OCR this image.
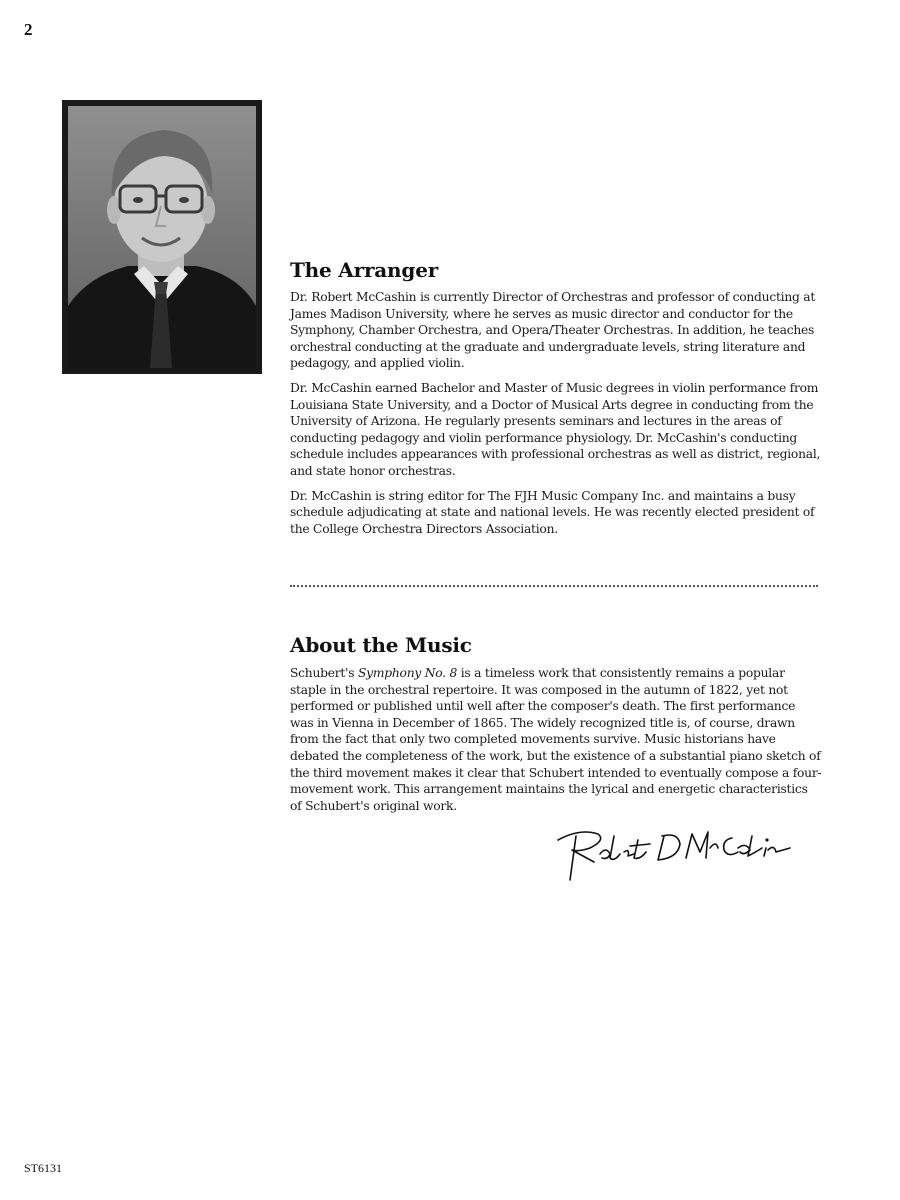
2
The Arranger

Dr. Robert McCashin is currently Director of Orchestras and professor of conducting at James Madison University, where he serves as music director and conductor for the Symphony, Chamber Orchestra, and Opera/Theater Orchestras. In addition, he teaches orchestral conducting at the graduate and undergraduate levels, string literature and pedagogy, and applied violin.

Dr. McCashin earned Bachelor and Master of Music degrees in violin performance from Louisiana State University, and a Doctor of Musical Arts degree in conducting from the University of Arizona. He regularly presents seminars and lectures in the areas of conducting pedagogy and violin performance physiology. Dr. McCashin's conducting schedule includes appearances with professional orchestras as well as district, regional, and state honor orchestras.

Dr. McCashin is string editor for The FJH Music Company Inc. and maintains a busy schedule adjudicating at state and national levels. He was recently elected president of the College Orchestra Directors Association.

About the Music

Schubert's Symphony No. 8 is a timeless work that consistently remains a popular staple in the orchestral repertoire. It was composed in the autumn of 1822, yet not performed or published until well after the composer's death. The first performance was in Vienna in December of 1865. The widely recognized title is, of course, drawn from the fact that only two completed movements survive. Music historians have debated the completeness of the work, but the existence of a substantial piano sketch of the third movement makes it clear that Schubert intended to eventually compose a four-movement work. This arrangement maintains the lyrical and energetic characteristics of Schubert's original work.

ST6131
